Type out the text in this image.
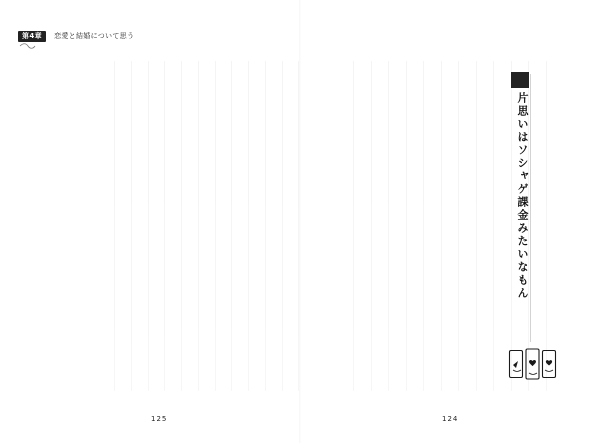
第4章	恋愛と結婚について思う
片思いはソシャゲ課金みたいなもん
125	124
